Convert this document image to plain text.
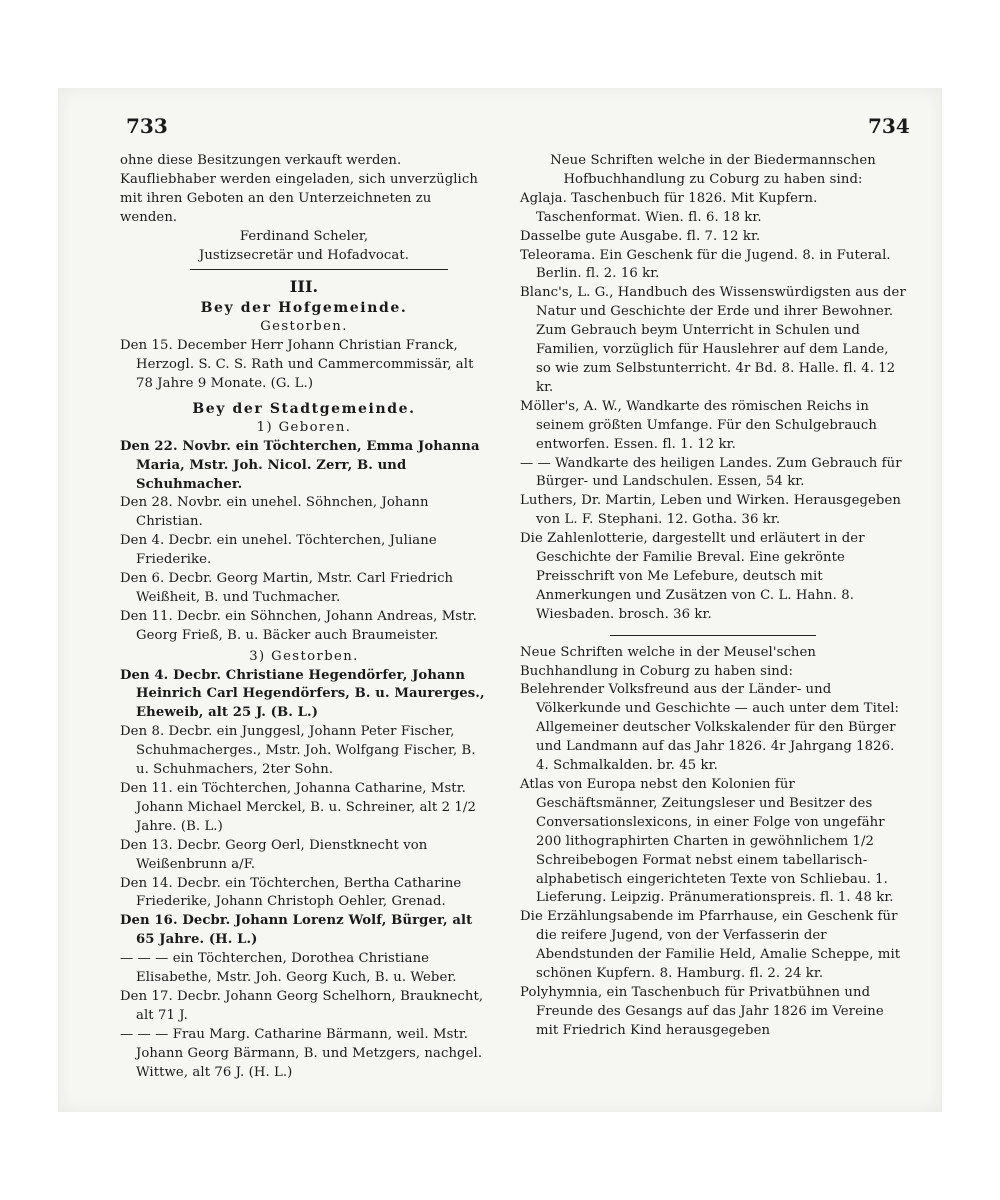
733	734

ohne diese Besitzungen verkauft werden. Kaufliebhaber werden eingeladen, sich unverzüglich mit ihren Geboten an den Unterzeichneten zu wenden.

Ferdinand Scheler,

Justizsecretär und Hofadvocat.

III.

Bey der Hofgemeinde.

Gestorben.

Den 15. December Herr Johann Christian Franck, Herzogl. S. C. S. Rath und Cammercommissär, alt 78 Jahre 9 Monate. (G. L.)

Bey der Stadtgemeinde.

1) Geboren.

Den 22. Novbr. ein Töchterchen, Emma Johanna Maria, Mstr. Joh. Nicol. Zerr, B. und Schuhmacher.

Den 28. Novbr. ein unehel. Söhnchen, Johann Christian.

Den 4. Decbr. ein unehel. Töchterchen, Juliane Friederike.

Den 6. Decbr. Georg Martin, Mstr. Carl Friedrich Weißheit, B. und Tuchmacher.

Den 11. Decbr. ein Söhnchen, Johann Andreas, Mstr. Georg Frieß, B. u. Bäcker auch Braumeister.

3) Gestorben.

Den 4. Decbr. Christiane Hegendörfer, Johann Heinrich Carl Hegendörfers, B. u. Maurerges., Eheweib, alt 25 J. (B. L.)

Den 8. Decbr. ein Junggesl, Johann Peter Fischer, Schuhmacherges., Mstr. Joh. Wolfgang Fischer, B. u. Schuhmachers, 2ter Sohn.

Den 11. ein Töchterchen, Johanna Catharine, Mstr. Johann Michael Merckel, B. u. Schreiner, alt 2 1/2 Jahre. (B. L.)

Den 13. Decbr. Georg Oerl, Dienstknecht von Weißenbrunn a/F.

Den 14. Decbr. ein Töchterchen, Bertha Catharine Friederike, Johann Christoph Oehler, Grenad.

Den 16. Decbr. Johann Lorenz Wolf, Bürger, alt 65 Jahre. (H. L.)

— — — ein Töchterchen, Dorothea Christiane Elisabethe, Mstr. Joh. Georg Kuch, B. u. Weber.

Den 17. Decbr. Johann Georg Schelhorn, Brauknecht, alt 71 J.

— — — Frau Marg. Catharine Bärmann, weil. Mstr. Johann Georg Bärmann, B. und Metzgers, nachgel. Wittwe, alt 76 J. (H. L.)

Neue Schriften welche in der Biedermannschen Hofbuchhandlung zu Coburg zu haben sind:

Aglaja. Taschenbuch für 1826. Mit Kupfern. Taschenformat. Wien. fl. 6. 18 kr.

Dasselbe gute Ausgabe. fl. 7. 12 kr.

Teleorama. Ein Geschenk für die Jugend. 8. in Futeral. Berlin. fl. 2. 16 kr.

Blanc's, L. G., Handbuch des Wissenswürdigsten aus der Natur und Geschichte der Erde und ihrer Bewohner. Zum Gebrauch beym Unterricht in Schulen und Familien, vorzüglich für Hauslehrer auf dem Lande, so wie zum Selbstunterricht. 4r Bd. 8. Halle. fl. 4. 12 kr.

Möller's, A. W., Wandkarte des römischen Reichs in seinem größten Umfange. Für den Schulgebrauch entworfen. Essen. fl. 1. 12 kr.

— — Wandkarte des heiligen Landes. Zum Gebrauch für Bürger- und Landschulen. Essen, 54 kr.

Luthers, Dr. Martin, Leben und Wirken. Herausgegeben von L. F. Stephani. 12. Gotha. 36 kr.

Die Zahlenlotterie, dargestellt und erläutert in der Geschichte der Familie Breval. Eine gekrönte Preisschrift von Me Lefebure, deutsch mit Anmerkungen und Zusätzen von C. L. Hahn. 8. Wiesbaden. brosch. 36 kr.

Neue Schriften welche in der Meusel'schen Buchhandlung in Coburg zu haben sind:

Belehrender Volksfreund aus der Länder- und Völkerkunde und Geschichte — auch unter dem Titel: Allgemeiner deutscher Volkskalender für den Bürger und Landmann auf das Jahr 1826. 4r Jahrgang 1826. 4. Schmalkalden. br. 45 kr.

Atlas von Europa nebst den Kolonien für Geschäftsmänner, Zeitungsleser und Besitzer des Conversationslexicons, in einer Folge von ungefähr 200 lithographirten Charten in gewöhnlichem 1/2 Schreibebogen Format nebst einem tabellarisch-alphabetisch eingerichteten Texte von Schliebau. 1. Lieferung. Leipzig. Pränumerationspreis. fl. 1. 48 kr.

Die Erzählungsabende im Pfarrhause, ein Geschenk für die reifere Jugend, von der Verfasserin der Abendstunden der Familie Held, Amalie Scheppe, mit schönen Kupfern. 8. Hamburg. fl. 2. 24 kr.

Polyhymnia, ein Taschenbuch für Privatbühnen und Freunde des Gesangs auf das Jahr 1826 im Vereine mit Friedrich Kind herausgegeben
